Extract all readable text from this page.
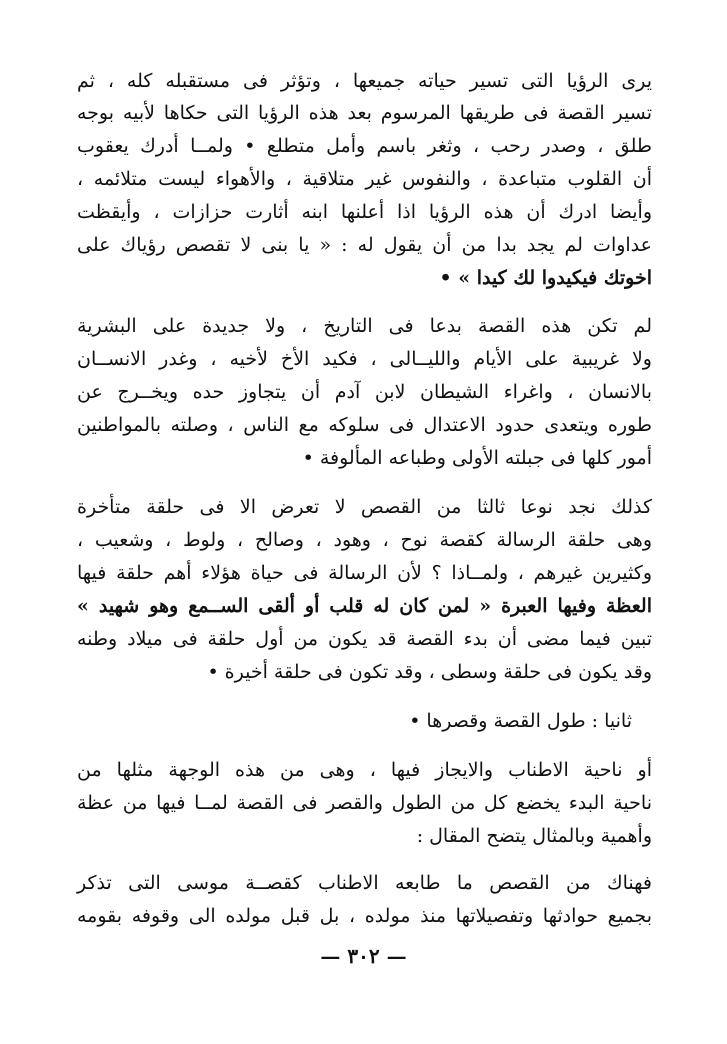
يرى الرؤيا التى تسير حياته جميعها ، وتؤثر فى مستقبله كله ، ثم
تسير القصة فى طريقها المرسوم بعد هذه الرؤيا التى حكاها لأبيه بوجه
طلق ، وصدر رحب ، وثغر باسم وأمل متطلع • ولمــا أدرك يعقوب
أن القلوب متباعدة ، والنفوس غير متلاقية ، والأهواء ليست متلائمه ،
وأيضا ادرك أن هذه الرؤيا اذا أعلنها ابنه أثارت حزازات ، وأيقظت
عداوات لم يجد بدا من أن يقول له : « يا بنى لا تقصص رؤياك على
اخوتك فيكيدوا لك كيدا » •
لم تكن هذه القصة بدعا فى التاريخ ، ولا جديدة على البشرية
ولا غريبية على الأيام والليــالى ، فكيد الأخ لأخيه ، وغدر الانســان
بالانسان ، واغراء الشيطان لابن آدم أن يتجاوز حده ويخــرج عن
طوره ويتعدى حدود الاعتدال فى سلوكه مع الناس ، وصلته بالمواطنين
أمور كلها فى جبلته الأولى وطباعه المألوفة •
كذلك نجد نوعا ثالثا من القصص لا تعرض الا فى حلقة متأخرة
وهى حلقة الرسالة كقصة نوح ، وهود ، وصالح ، ولوط ، وشعيب ،
وكثيرين غيرهم ، ولمــاذا ؟ لأن الرسالة فى حياة هؤلاء أهم حلقة فيها
العظة وفيها العبرة « لمن كان له قلب أو ألقى الســمع وهو شهيد »
تبين فيما مضى أن بدء القصة قد يكون من أول حلقة فى ميلاد وطنه
وقد يكون فى حلقة وسطى ، وقد تكون فى حلقة أخيرة •
ثانيا : طول القصة وقصرها •
أو ناحية الاطناب والايجاز فيها ، وهى من هذه الوجهة مثلها من
ناحية البدء يخضع كل من الطول والقصر فى القصة لمــا فيها من عظة
وأهمية وبالمثال يتضح المقال :
فهناك من القصص ما طابعه الاطناب كقصــة موسى التى تذكر
بجميع حوادثها وتفصيلاتها منذ مولده ، بل قبل مولده الى وقوفه بقومه
— ٣٠٢ —
